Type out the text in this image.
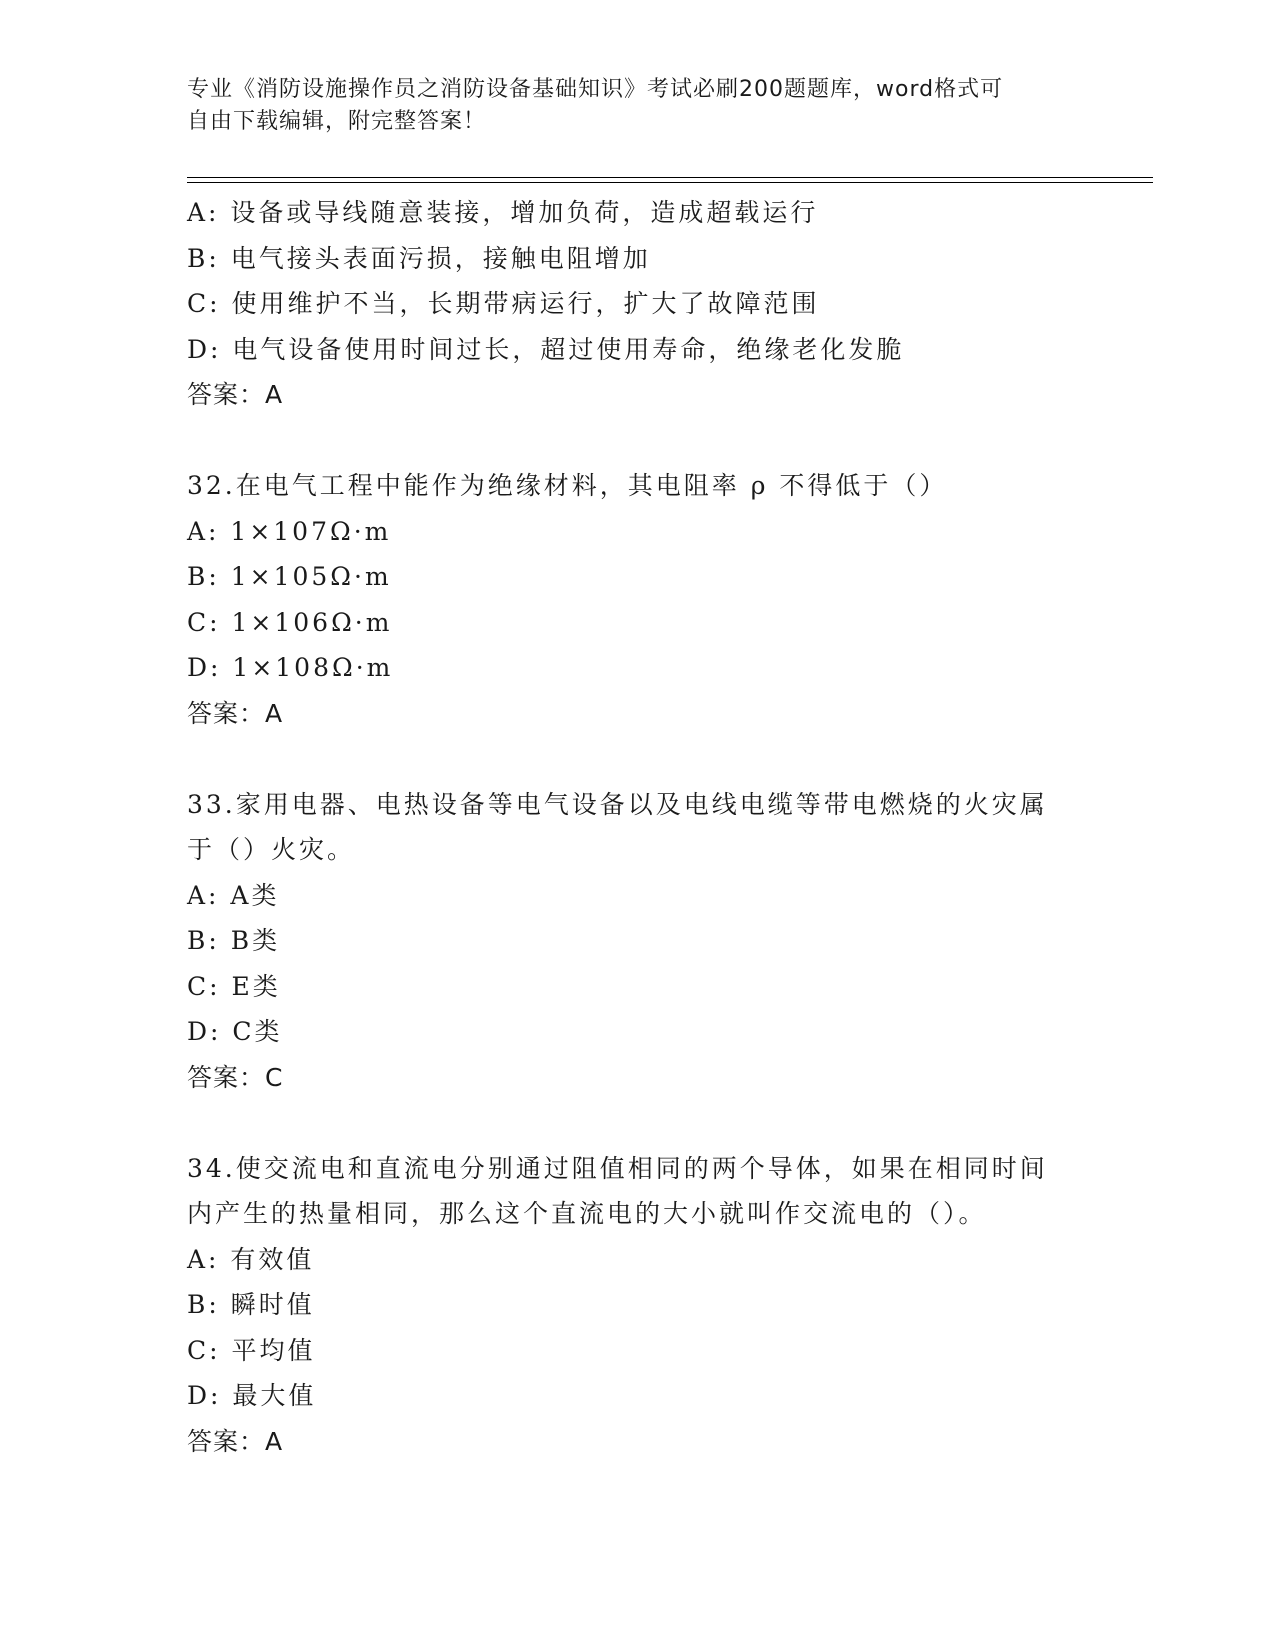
专业《消防设施操作员之消防设备基础知识》考试必刷200题题库，word格式可
自由下载编辑，附完整答案！
A: 设备或导线随意装接，增加负荷，造成超载运行
B: 电气接头表面污损，接触电阻增加
C: 使用维护不当，长期带病运行，扩大了故障范围
D: 电气设备使用时间过长，超过使用寿命，绝缘老化发脆
答案：A
32.在电气工程中能作为绝缘材料，其电阻率 ρ 不得低于（）
A: 1×107Ω·m
B: 1×105Ω·m
C: 1×106Ω·m
D: 1×108Ω·m
答案：A
33.家用电器、电热设备等电气设备以及电线电缆等带电燃烧的火灾属
于（）火灾。
A: A类
B: B类
C: E类
D: C类
答案：C
34.使交流电和直流电分别通过阻值相同的两个导体，如果在相同时间
内产生的热量相同，那么这个直流电的大小就叫作交流电的（）。
A: 有效值
B: 瞬时值
C: 平均值
D: 最大值
答案：A
